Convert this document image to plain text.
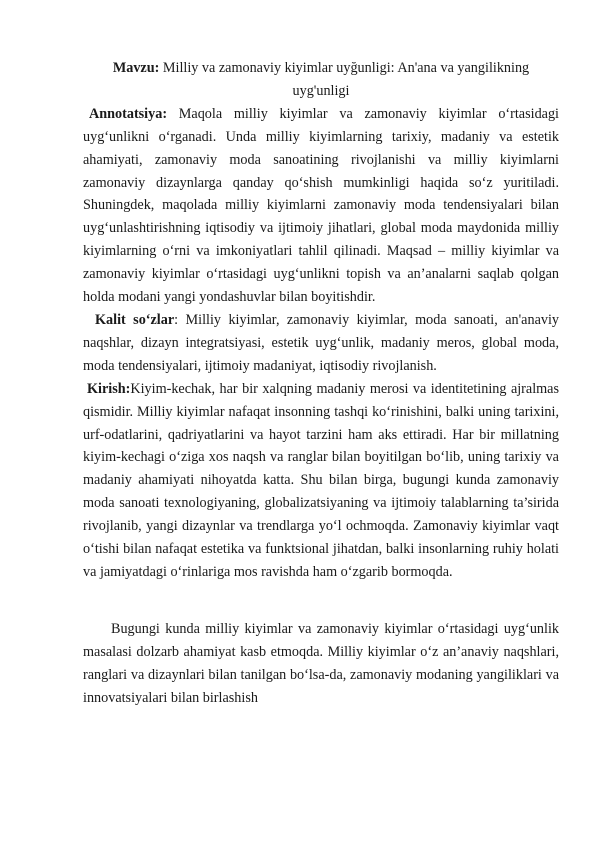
Mavzu: Milliy va zamonaviy kiyimlar uyğunligi: An'ana va yangilikning uyg'unligi

Annotatsiya: Maqola milliy kiyimlar va zamonaviy kiyimlar o‘rtasidagi uyg‘unlikni o‘rganadi. Unda milliy kiyimlarning tarixiy, madaniy va estetik ahamiyati, zamonaviy moda sanoatining rivojlanishi va milliy kiyimlarni zamonaviy dizaynlarga qanday qo‘shish mumkinligi haqida so‘z yuritiladi. Shuningdek, maqolada milliy kiyimlarni zamonaviy moda tendensiyalari bilan uyg‘unlashtirishning iqtisodiy va ijtimoiy jihatlari, global moda maydonida milliy kiyimlarning o‘rni va imkoniyatlari tahlil qilinadi. Maqsad – milliy kiyimlar va zamonaviy kiyimlar o‘rtasidagi uyg‘unlikni topish va an’analarni saqlab qolgan holda modani yangi yondashuvlar bilan boyitishdir.

Kalit so‘zlar: Milliy kiyimlar, zamonaviy kiyimlar, moda sanoati, an'anaviy naqshlar, dizayn integratsiyasi, estetik uyg‘unlik, madaniy meros, global moda, moda tendensiyalari, ijtimoiy madaniyat, iqtisodiy rivojlanish.

Kirish:Kiyim-kechak, har bir xalqning madaniy merosi va identitetining ajralmas qismidir. Milliy kiyimlar nafaqat insonning tashqi ko‘rinishini, balki uning tarixini, urf-odatlarini, qadriyatlarini va hayot tarzini ham aks ettiradi. Har bir millatning kiyim-kechagi o‘ziga xos naqsh va ranglar bilan boyitilgan bo‘lib, uning tarixiy va madaniy ahamiyati nihoyatda katta. Shu bilan birga, bugungi kunda zamonaviy moda sanoati texnologiyaning, globalizatsiyaning va ijtimoiy talablarning ta’sirida rivojlanib, yangi dizaynlar va trendlarga yo‘l ochmoqda. Zamonaviy kiyimlar vaqt o‘tishi bilan nafaqat estetika va funktsional jihatdan, balki insonlarning ruhiy holati va jamiyatdagi o‘rinlariga mos ravishda ham o‘zgarib bormoqda.

Bugungi kunda milliy kiyimlar va zamonaviy kiyimlar o‘rtasidagi uyg‘unlik masalasi dolzarb ahamiyat kasb etmoqda. Milliy kiyimlar o‘z an’anaviy naqshlari, ranglari va dizaynlari bilan tanilgan bo‘lsa-da, zamonaviy modaning yangiliklari va innovatsiyalari bilan birlashish
